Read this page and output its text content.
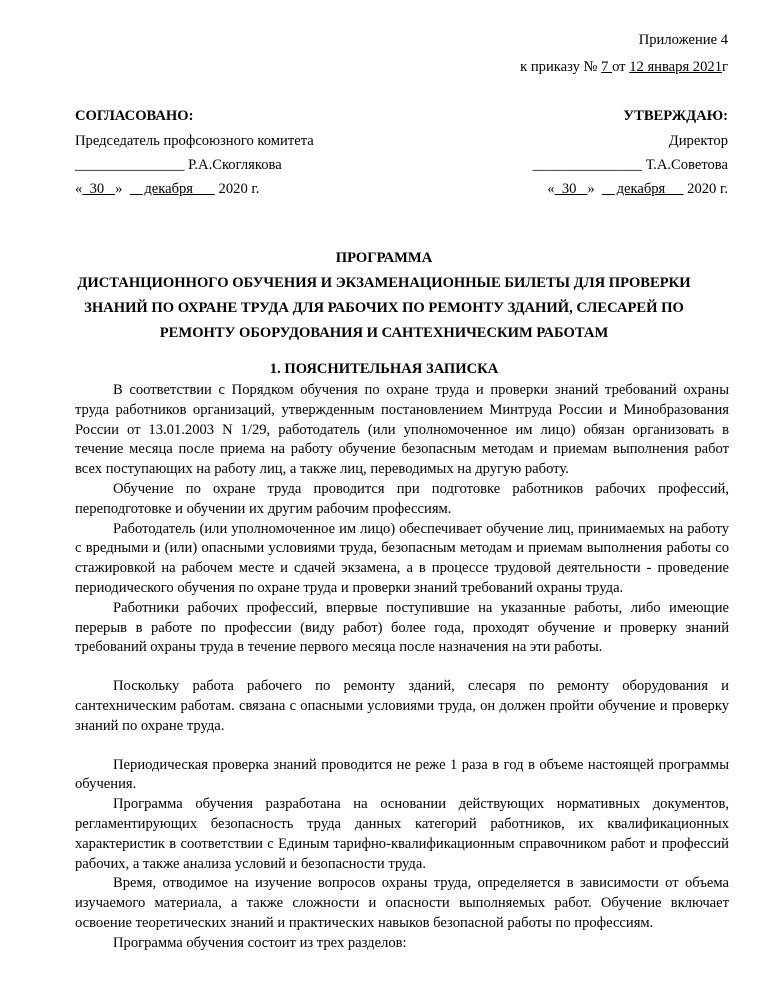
Приложение 4
к приказу № 7 от 12 января 2021г
СОГЛАСОВАНО:	УТВЕРЖДАЮ:
Председатель профсоюзного комитета	Директор
_______________ Р.А.Скоглякова	_______________ Т.А.Советова
«  30   »      декабря       2020 г.	«  30   »      декабря      2020 г.
ПРОГРАММА
ДИСТАНЦИОННОГО ОБУЧЕНИЯ И ЭКЗАМЕНАЦИОННЫЕ БИЛЕТЫ ДЛЯ ПРОВЕРКИ
ЗНАНИЙ ПО ОХРАНЕ ТРУДА ДЛЯ РАБОЧИХ ПО РЕМОНТУ ЗДАНИЙ, СЛЕСАРЕЙ ПО
РЕМОНТУ ОБОРУДОВАНИЯ И САНТЕХНИЧЕСКИМ РАБОТАМ
1. ПОЯСНИТЕЛЬНАЯ ЗАПИСКА

В соответствии с Порядком обучения по охране труда и проверки знаний требований охраны труда работников организаций, утвержденным постановлением Минтруда России и Минобразования России от 13.01.2003 N 1/29, работодатель (или уполномоченное им лицо) обязан организовать в течение месяца после приема на работу обучение безопасным методам и приемам выполнения работ всех поступающих на работу лиц, а также лиц, переводимых на другую работу.

Обучение по охране труда проводится при подготовке работников рабочих профессий, переподготовке и обучении их другим рабочим профессиям.

Работодатель (или уполномоченное им лицо) обеспечивает обучение лиц, принимаемых на работу с вредными и (или) опасными условиями труда, безопасным методам и приемам выполнения работы со стажировкой на рабочем месте и сдачей экзамена, а в процессе трудовой деятельности - проведение периодического обучения по охране труда и проверки знаний требований охраны труда.

Работники рабочих профессий, впервые поступившие на указанные работы, либо имеющие перерыв в работе по профессии (виду работ) более года, проходят обучение и проверку знаний требований охраны труда в течение первого месяца после назначения на эти работы.

Поскольку работа рабочего по ремонту зданий, слесаря по ремонту оборудования и сантехническим работам. связана с опасными условиями труда, он должен пройти обучение и проверку знаний по охране труда.

Периодическая проверка знаний проводится не реже 1 раза в год в объеме настоящей программы обучения.

Программа обучения разработана на основании действующих нормативных документов, регламентирующих безопасность труда данных категорий работников, их квалификационных характеристик в соответствии с Единым тарифно-квалификационным справочником работ и профессий рабочих, а также анализа условий и безопасности труда.

Время, отводимое на изучение вопросов охраны труда, определяется в зависимости от объема изучаемого материала, а также сложности и опасности выполняемых работ. Обучение включает освоение теоретических знаний и практических навыков безопасной работы по профессиям.

Программа обучения состоит из трех разделов:
